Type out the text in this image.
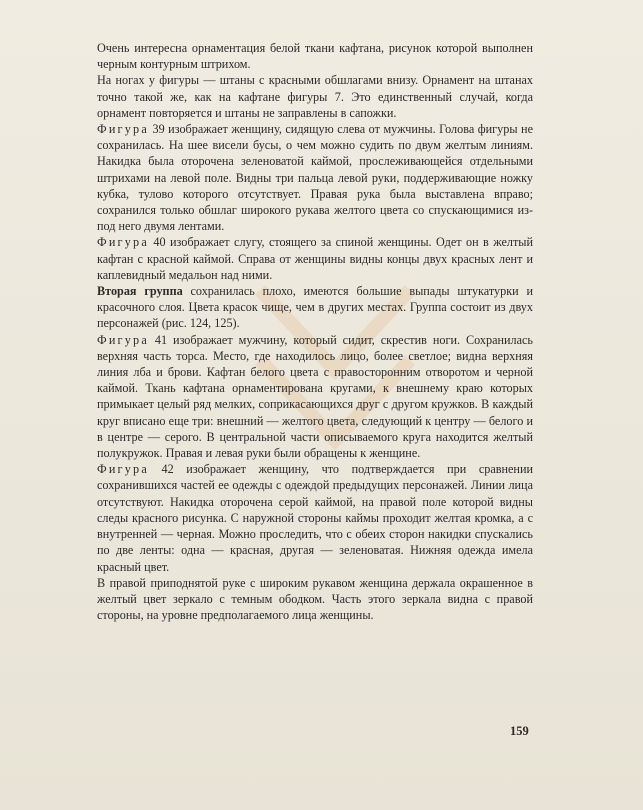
Очень интересна орнаментация белой ткани кафтана, рисунок которой выполнен черным контурным штрихом.

На ногах у фигуры — штаны с красными обшлагами внизу. Орнамент на штанах точно такой же, как на кафтане фигуры 7. Это единственный случай, когда орнамент повторяется и штаны не заправлены в сапожки.

Фигура 39 изображает женщину, сидящую слева от мужчины. Голова фигуры не сохранилась. На шее висели бусы, о чем можно судить по двум желтым линиям. Накидка была оторочена зеленоватой каймой, прослеживающейся отдельными штрихами на левой поле. Видны три пальца левой руки, поддерживающие ножку кубка, тулово которого отсутствует. Правая рука была выставлена вправо; сохранился только обшлаг широкого рукава желтого цвета со спускающимися из-под него двумя лентами.

Фигура 40 изображает слугу, стоящего за спиной женщины. Одет он в желтый кафтан с красной каймой. Справа от женщины видны концы двух красных лент и каплевидный медальон над ними.

Вторая группа сохранилась плохо, имеются большие выпады штукатурки и красочного слоя. Цвета красок чище, чем в других местах. Группа состоит из двух персонажей (рис. 124, 125).

Фигура 41 изображает мужчину, который сидит, скрестив ноги. Сохранилась верхняя часть торса. Место, где находилось лицо, более светлое; видна верхняя линия лба и брови. Кафтан белого цвета с правосторонним отворотом и черной каймой. Ткань кафтана орнаментирована кругами, к внешнему краю которых примыкает целый ряд мелких, соприкасающихся друг с другом кружков. В каждый круг вписано еще три: внешний — желтого цвета, следующий к центру — белого и в центре — серого. В центральной части описываемого круга находится желтый полукружок. Правая и левая руки были обращены к женщине.

Фигура 42 изображает женщину, что подтверждается при сравнении сохранившихся частей ее одежды с одеждой предыдущих персонажей. Линии лица отсутствуют. Накидка оторочена серой каймой, на правой поле которой видны следы красного рисунка. С наружной стороны каймы проходит желтая кромка, а с внутренней — черная. Можно проследить, что с обеих сторон накидки спускались по две ленты: одна — красная, другая — зеленоватая. Нижняя одежда имела красный цвет.

В правой приподнятой руке с широким рукавом женщина держала окрашенное в желтый цвет зеркало с темным ободком. Часть этого зеркала видна с правой стороны, на уровне предполагаемого лица женщины.

159
